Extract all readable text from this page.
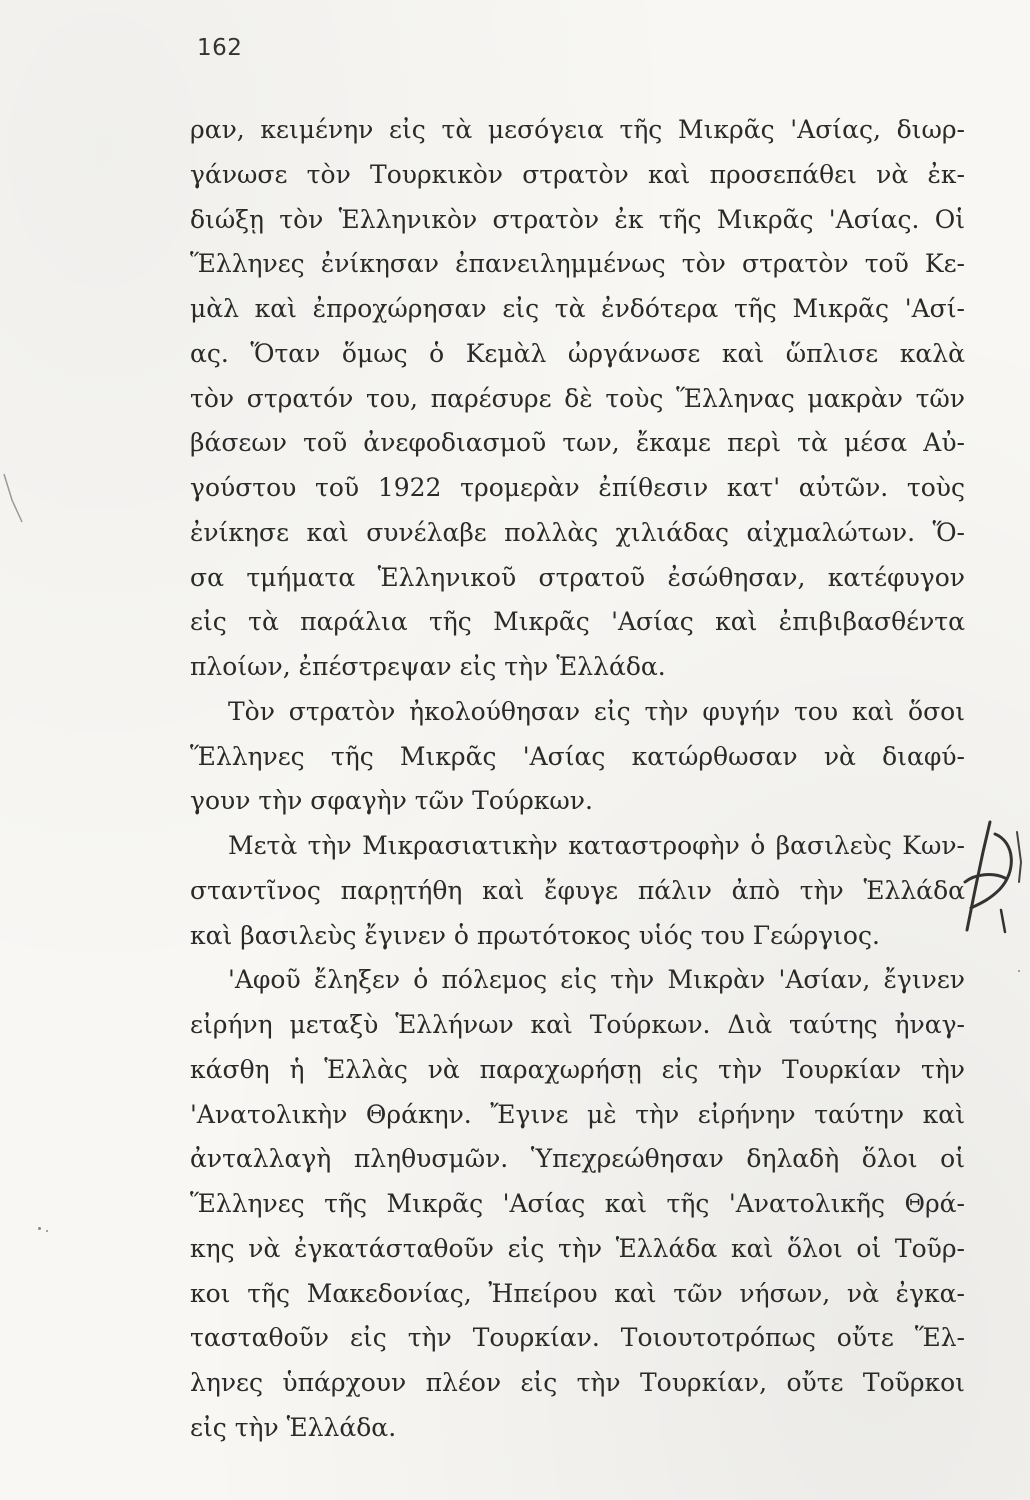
162
ραν, κειμένην εἰς τὰ μεσόγεια τῆς Μικρᾶς 'Ασίας, διωρ-
γάνωσε τὸν Τουρκικὸν στρατὸν καὶ προσεπάθει νὰ ἐκ-
διώξῃ τὸν Ἑλληνικὸν στρατὸν ἐκ τῆς Μικρᾶς 'Ασίας. Οἱ
Ἕλληνες ἐνίκησαν ἐπανειλημμένως τὸν στρατὸν τοῦ Κε-
μὰλ καὶ ἐπροχώρησαν εἰς τὰ ἐνδότερα τῆς Μικρᾶς 'Ασί-
ας. Ὅταν ὅμως ὁ Κεμὰλ ὠργάνωσε καὶ ὥπλισε καλὰ
τὸν στρατόν του, παρέσυρε δὲ τοὺς Ἕλληνας μακρὰν τῶν
βάσεων τοῦ ἀνεφοδιασμοῦ των, ἔκαμε περὶ τὰ μέσα Αὐ-
γούστου τοῦ 1922 τρομερὰν ἐπίθεσιν κατ' αὐτῶν. τοὺς
ἐνίκησε καὶ συνέλαβε πολλὰς χιλιάδας αἰχμαλώτων. Ὅ-
σα τμήματα Ἑλληνικοῦ στρατοῦ ἐσώθησαν, κατέφυγον
εἰς τὰ παράλια τῆς Μικρᾶς 'Ασίας καὶ ἐπιβιβασθέντα
πλοίων, ἐπέστρεψαν εἰς τὴν Ἑλλάδα.
Τὸν στρατὸν ἠκολούθησαν εἰς τὴν φυγήν του καὶ ὅσοι
Ἕλληνες τῆς Μικρᾶς 'Ασίας κατώρθωσαν νὰ διαφύ-
γουν τὴν σφαγὴν τῶν Τούρκων.
Μετὰ τὴν Μικρασιατικὴν καταστροφὴν ὁ βασιλεὺς Κων-
σταντῖνος παρῃτήθη καὶ ἔφυγε πάλιν ἀπὸ τὴν Ἑλλάδα
καὶ βασιλεὺς ἔγινεν ὁ πρωτότοκος υἱός του Γεώργιος.
'Αφοῦ ἔληξεν ὁ πόλεμος εἰς τὴν Μικρὰν 'Ασίαν, ἔγινεν
εἰρήνη μεταξὺ Ἑλλήνων καὶ Τούρκων. Διὰ ταύτης ἠναγ-
κάσθη ἡ Ἑλλὰς νὰ παραχωρήσῃ εἰς τὴν Τουρκίαν τὴν
'Ανατολικὴν Θράκην. Ἔγινε μὲ τὴν εἰρήνην ταύτην καὶ
ἀνταλλαγὴ πληθυσμῶν. Ὑπεχρεώθησαν δηλαδὴ ὅλοι οἱ
Ἕλληνες τῆς Μικρᾶς 'Ασίας καὶ τῆς 'Ανατολικῆς Θρά-
κης νὰ ἐγκατάσταθοῦν εἰς τὴν Ἑλλάδα καὶ ὅλοι οἱ Τοῦρ-
κοι τῆς Μακεδονίας, Ἠπείρου καὶ τῶν νήσων, νὰ ἐγκα-
τασταθοῦν εἰς τὴν Τουρκίαν. Τοιουτοτρόπως οὔτε Ἕλ-
ληνες ὑπάρχουν πλέον εἰς τὴν Τουρκίαν, οὔτε Τοῦρκοι
εἰς τὴν Ἑλλάδα.
